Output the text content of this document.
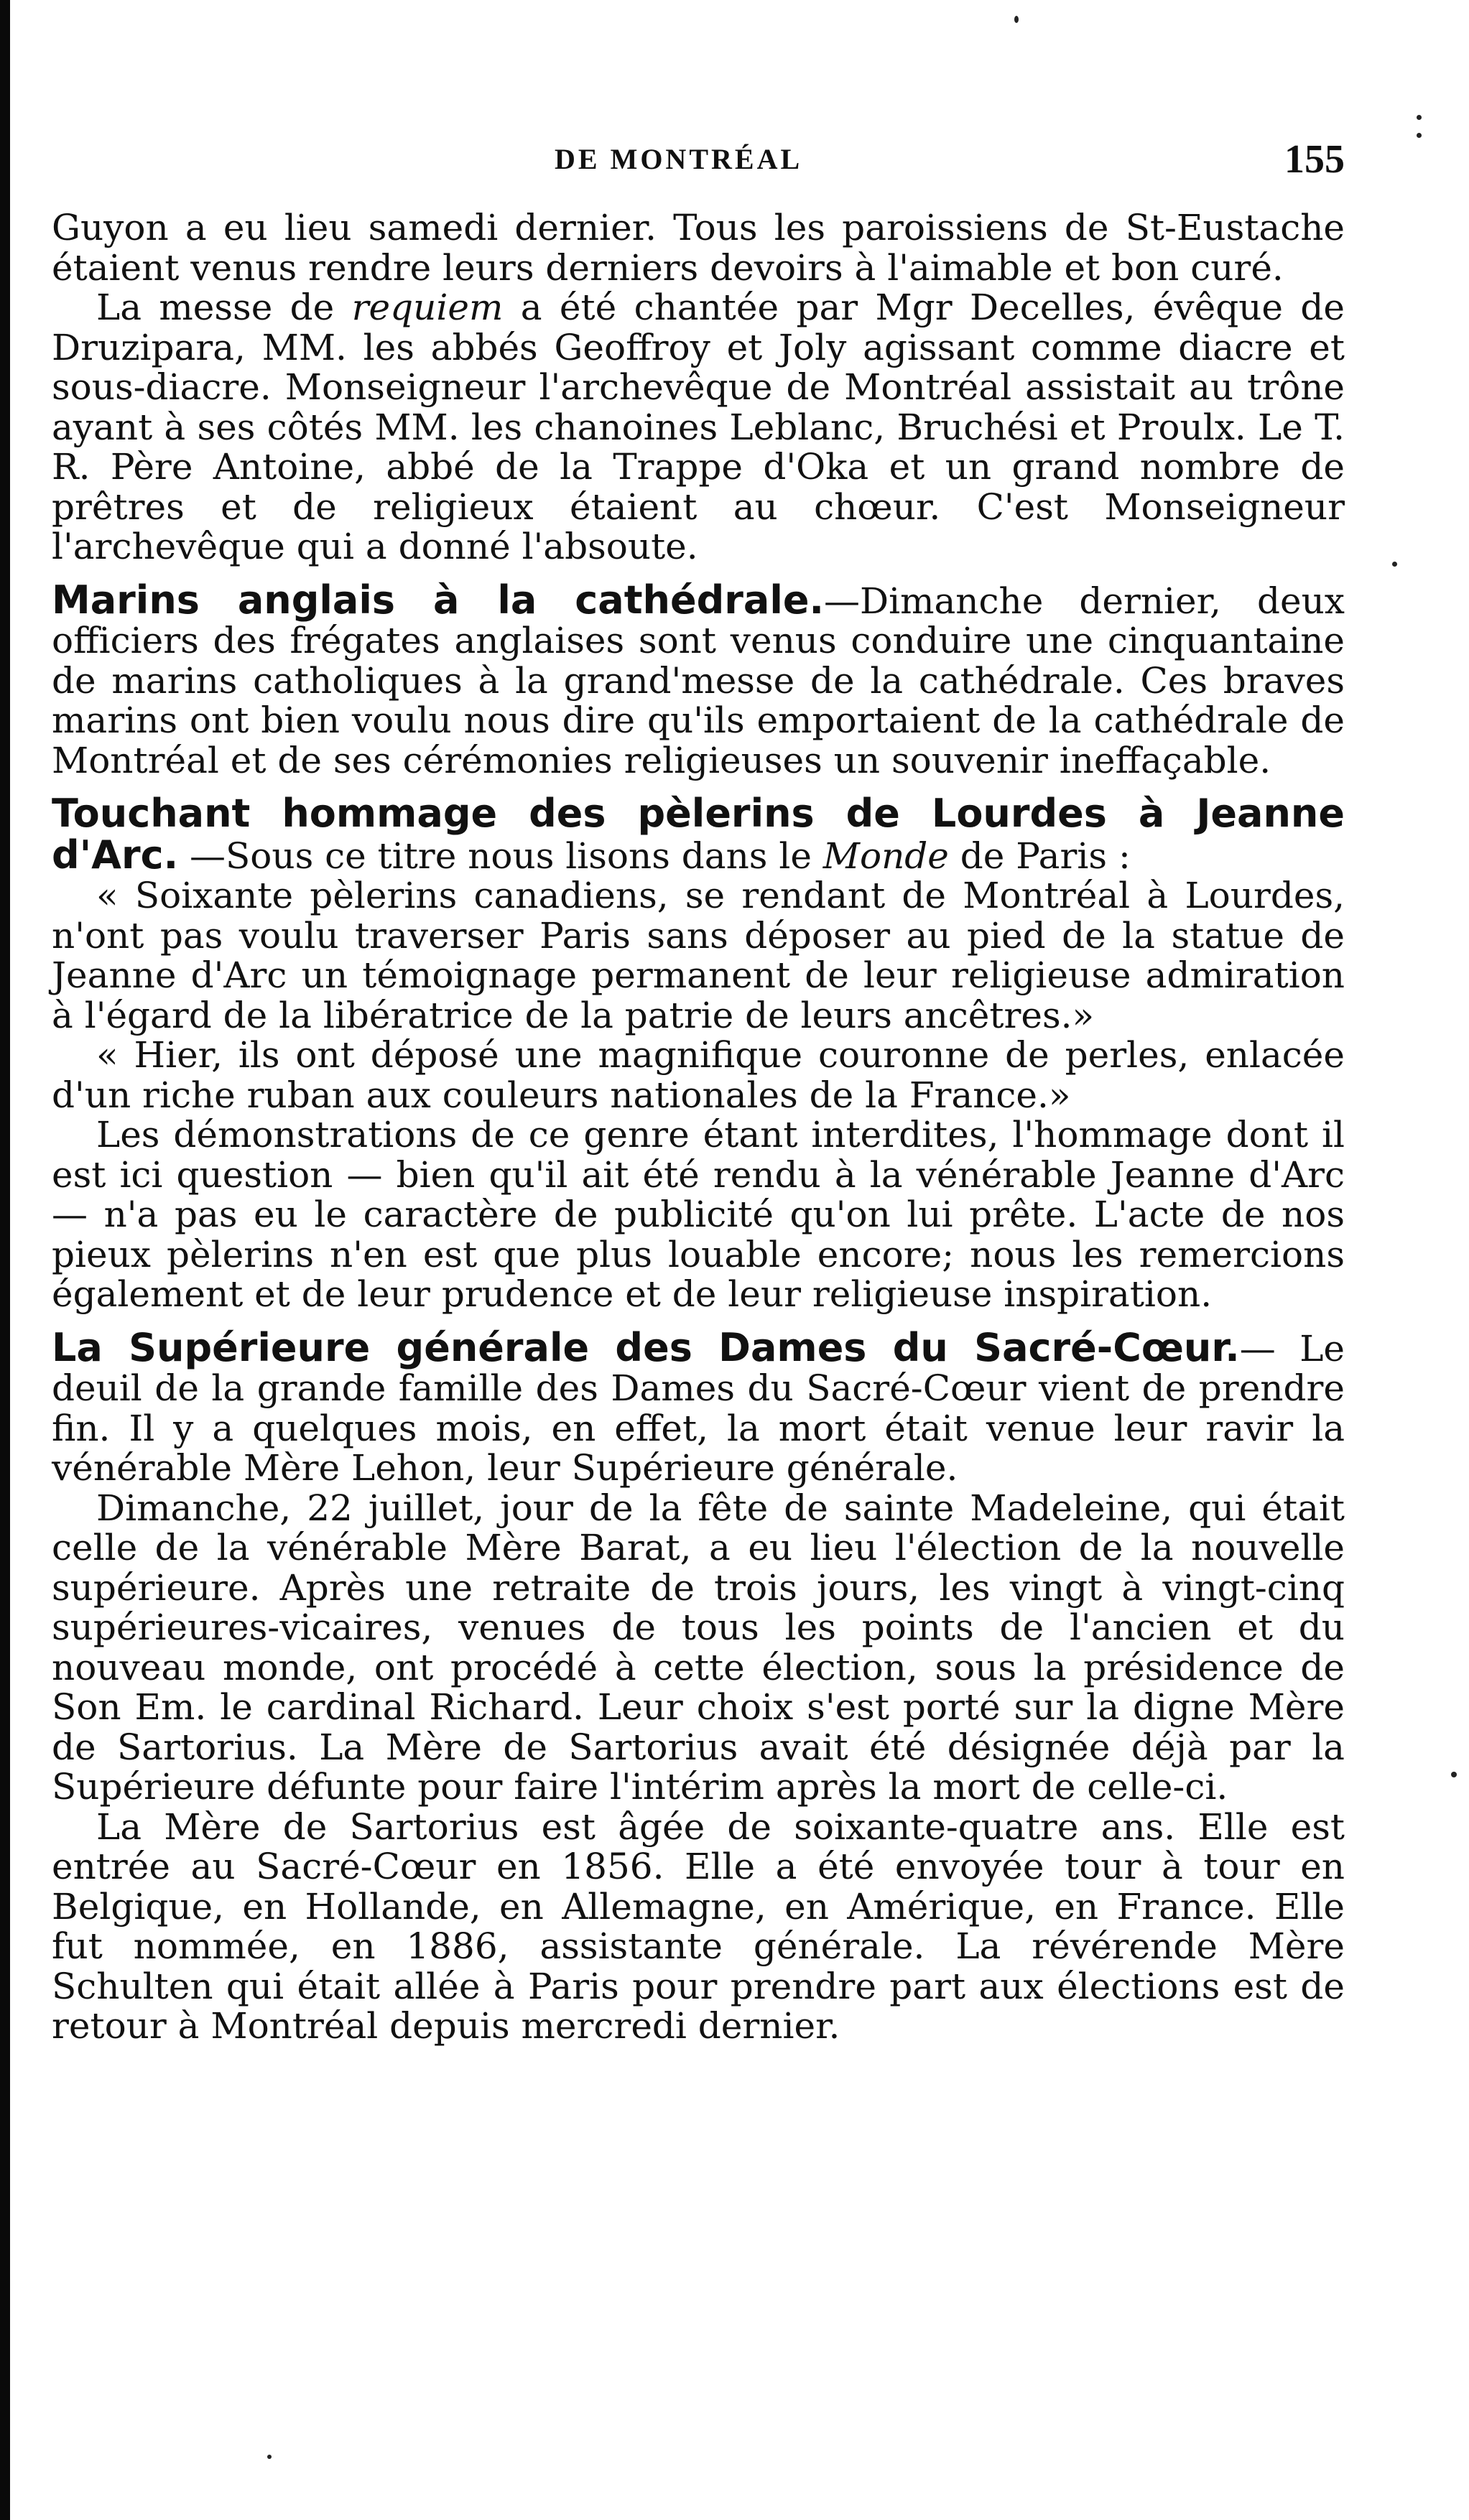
DE MONTRÉAL	155

Guyon a eu lieu samedi dernier. Tous les paroissiens de St-Eustache étaient venus rendre leurs derniers devoirs à l'aimable et bon curé.

La messe de requiem a été chantée par Mgr Decelles, évêque de Druzipara, MM. les abbés Geoffroy et Joly agissant comme diacre et sous-diacre. Monseigneur l'archevêque de Montréal assistait au trône ayant à ses côtés MM. les chanoines Leblanc, Bruchési et Proulx. Le T. R. Père Antoine, abbé de la Trappe d'Oka et un grand nombre de prêtres et de religieux étaient au chœur. C'est Monseigneur l'archevêque qui a donné l'absoute.

Marins anglais à la cathédrale.—Dimanche dernier, deux officiers des frégates anglaises sont venus conduire une cinquantaine de marins catholiques à la grand'messe de la cathédrale. Ces braves marins ont bien voulu nous dire qu'ils emportaient de la cathédrale de Montréal et de ses cérémonies religieuses un souvenir ineffaçable.

Touchant hommage des pèlerins de Lourdes à Jeanne d'Arc. —Sous ce titre nous lisons dans le Monde de Paris :

« Soixante pèlerins canadiens, se rendant de Montréal à Lourdes, n'ont pas voulu traverser Paris sans déposer au pied de la statue de Jeanne d'Arc un témoignage permanent de leur religieuse admiration à l'égard de la libératrice de la patrie de leurs ancêtres.»

« Hier, ils ont déposé une magnifique couronne de perles, enlacée d'un riche ruban aux couleurs nationales de la France.»

Les démonstrations de ce genre étant interdites, l'hommage dont il est ici question — bien qu'il ait été rendu à la vénérable Jeanne d'Arc — n'a pas eu le caractère de publicité qu'on lui prête. L'acte de nos pieux pèlerins n'en est que plus louable encore; nous les remercions également et de leur prudence et de leur religieuse inspiration.

La Supérieure générale des Dames du Sacré-Cœur.— Le deuil de la grande famille des Dames du Sacré-Cœur vient de prendre fin. Il y a quelques mois, en effet, la mort était venue leur ravir la vénérable Mère Lehon, leur Supérieure générale.

Dimanche, 22 juillet, jour de la fête de sainte Madeleine, qui était celle de la vénérable Mère Barat, a eu lieu l'élection de la nouvelle supérieure. Après une retraite de trois jours, les vingt à vingt-cinq supérieures-vicaires, venues de tous les points de l'ancien et du nouveau monde, ont procédé à cette élection, sous la présidence de Son Em. le cardinal Richard. Leur choix s'est porté sur la digne Mère de Sartorius. La Mère de Sartorius avait été désignée déjà par la Supérieure défunte pour faire l'intérim après la mort de celle-ci.

La Mère de Sartorius est âgée de soixante-quatre ans. Elle est entrée au Sacré-Cœur en 1856. Elle a été envoyée tour à tour en Belgique, en Hollande, en Allemagne, en Amérique, en France. Elle fut nommée, en 1886, assistante générale. La révérende Mère Schulten qui était allée à Paris pour prendre part aux élections est de retour à Montréal depuis mercredi dernier.
